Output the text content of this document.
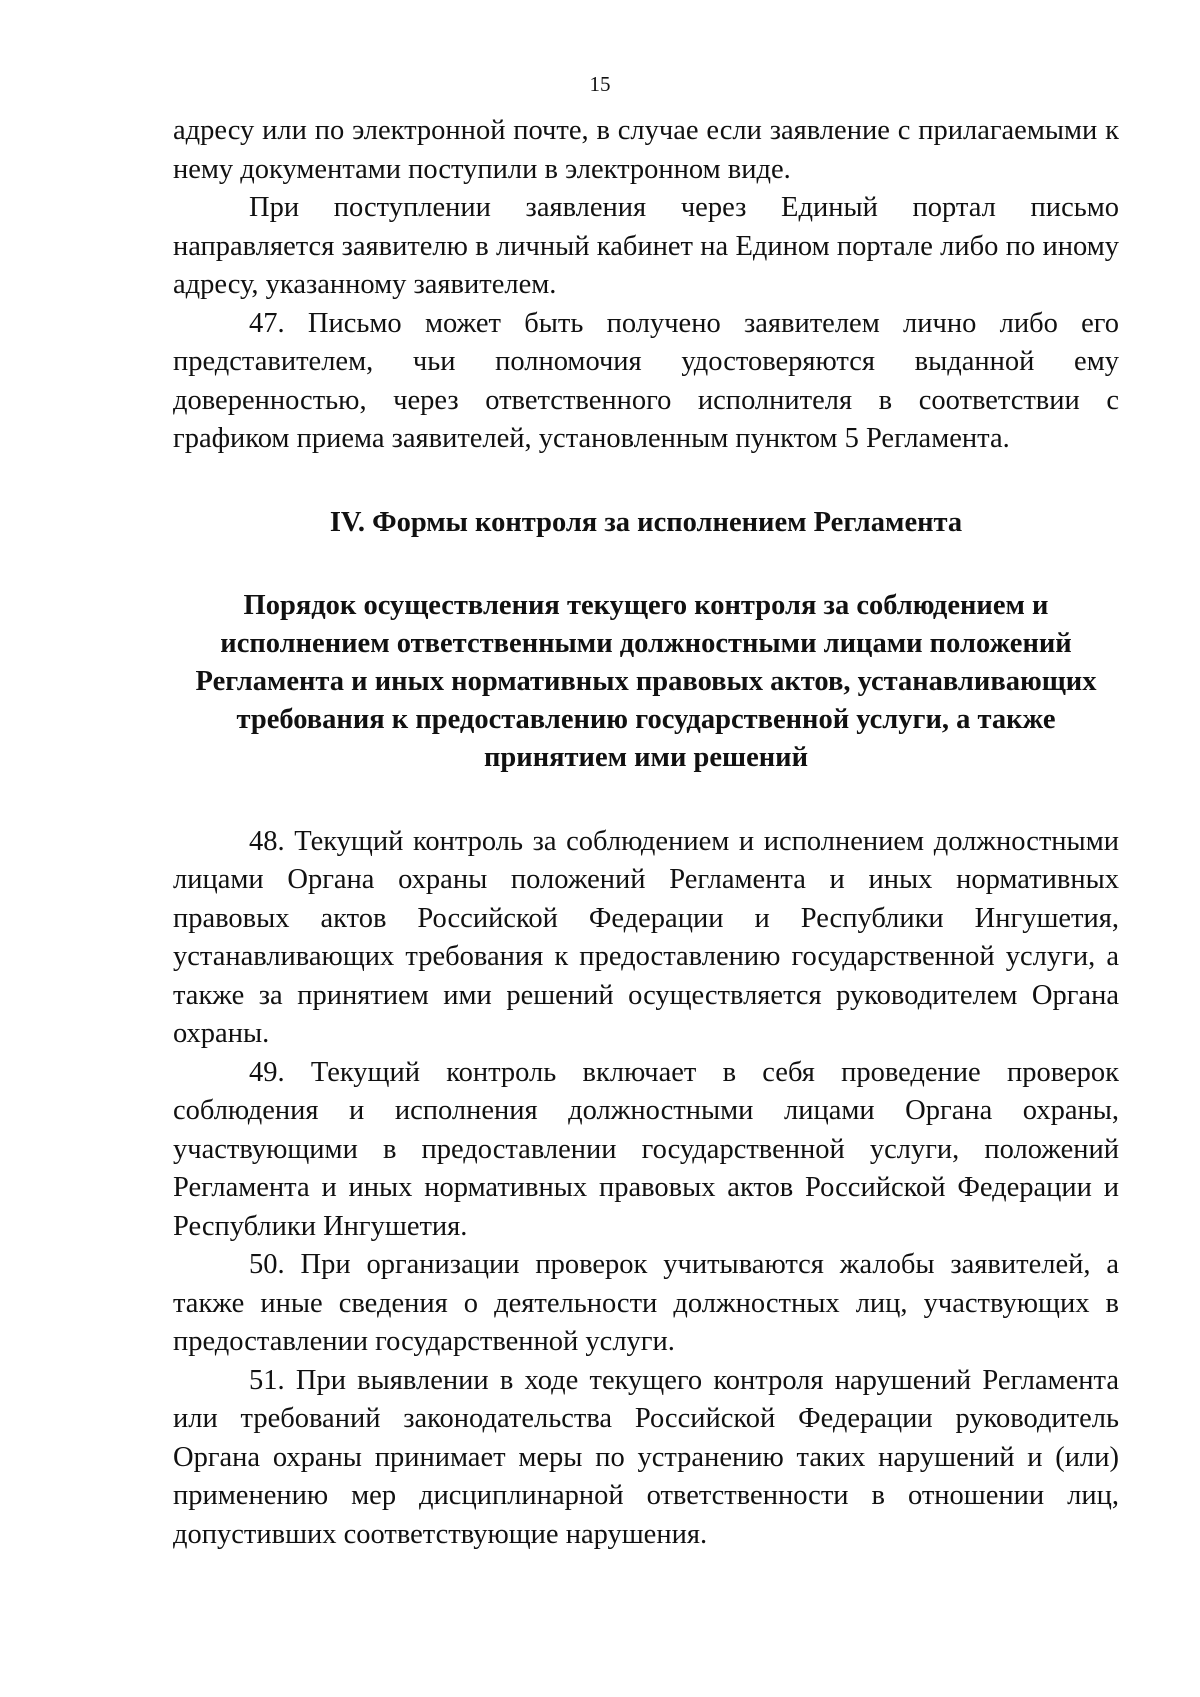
15

адресу или по электронной почте, в случае если заявление с прилагаемыми к нему документами поступили в электронном виде.

При поступлении заявления через Единый портал письмо направляется заявителю в личный кабинет на Едином портале либо по иному адресу, указанному заявителем.

47. Письмо может быть получено заявителем лично либо его представителем, чьи полномочия удостоверяются выданной ему доверенностью, через ответственного исполнителя в соответствии с графиком приема заявителей, установленным пунктом 5 Регламента.

IV. Формы контроля за исполнением Регламента
Порядок осуществления текущего контроля за соблюдением и
исполнением ответственными должностными лицами положений
Регламента и иных нормативных правовых актов, устанавливающих
требования к предоставлению государственной услуги, а также
принятием ими решений

48. Текущий контроль за соблюдением и исполнением должностными лицами Органа охраны положений Регламента и иных нормативных правовых актов Российской Федерации и Республики Ингушетия, устанавливающих требования к предоставлению государственной услуги, а также за принятием ими решений осуществляется руководителем Органа охраны.

49. Текущий контроль включает в себя проведение проверок соблюдения и исполнения должностными лицами Органа охраны, участвующими в предоставлении государственной услуги, положений Регламента и иных нормативных правовых актов Российской Федерации и Республики Ингушетия.

50. При организации проверок учитываются жалобы заявителей, а также иные сведения о деятельности должностных лиц, участвующих в предоставлении государственной услуги.

51. При выявлении в ходе текущего контроля нарушений Регламента или требований законодательства Российской Федерации руководитель Органа охраны принимает меры по устранению таких нарушений и (или) применению мер дисциплинарной ответственности в отношении лиц, допустивших соответствующие нарушения.
